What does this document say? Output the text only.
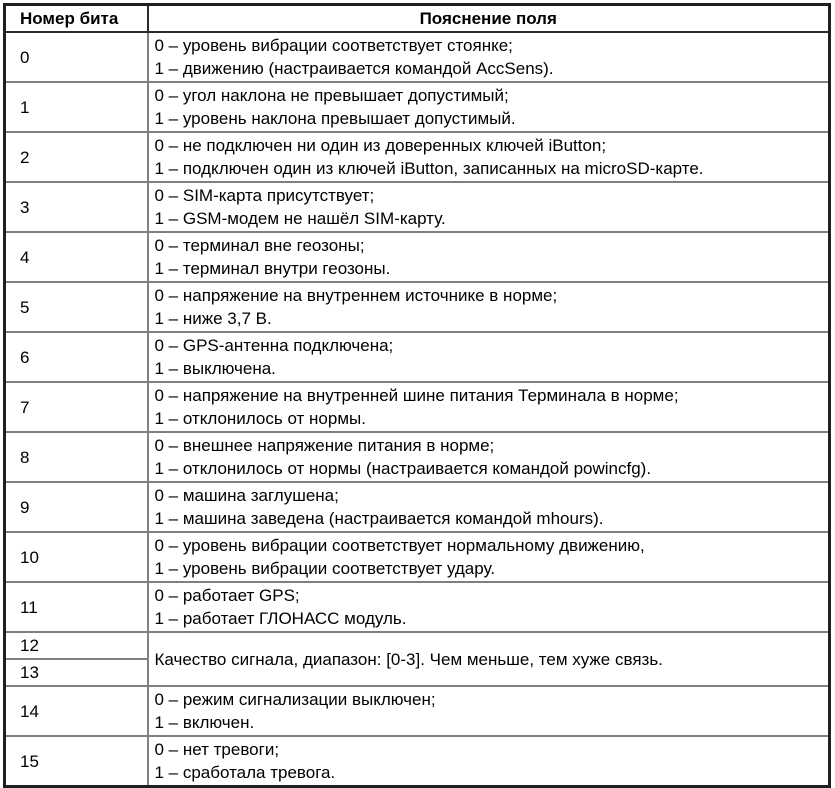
Номер бита	Пояснение поля
0	0 – уровень вибрации соответствует стоянке;
1 – движению (настраивается командой AccSens).

1	0 – угол наклона не превышает допустимый;
1 – уровень наклона превышает допустимый.

2	0 – не подключен ни один из доверенных ключей iButton;
1 – подключен один из ключей iButton, записанных на microSD-карте.

3	0 – SIM-карта присутствует;
1 – GSM-модем не нашёл SIM-карту.

4	0 – терминал вне геозоны;
1 – терминал внутри геозоны.

5	0 – напряжение на внутреннем источнике в норме;
1 – ниже 3,7 В.

6	0 – GPS-антенна подключена;
1 – выключена.

7	0 – напряжение на внутренней шине питания Терминала в норме;
1 – отклонилось от нормы.

8	0 – внешнее напряжение питания в норме;
1 – отклонилось от нормы (настраивается командой powincfg).

9	0 – машина заглушена;
1 – машина заведена (настраивается командой mhours).

10	0 – уровень вибрации соответствует нормальному движению,
1 – уровень вибрации соответствует удару.

11	0 – работает GPS;
1 – работает ГЛОНАСС модуль.

12	Качество сигнала, диапазон: [0-3]. Чем меньше, тем хуже связь.

13	
14	0 – режим сигнализации выключен;
1 – включен.

15	0 – нет тревоги;
1 – сработала тревога.
